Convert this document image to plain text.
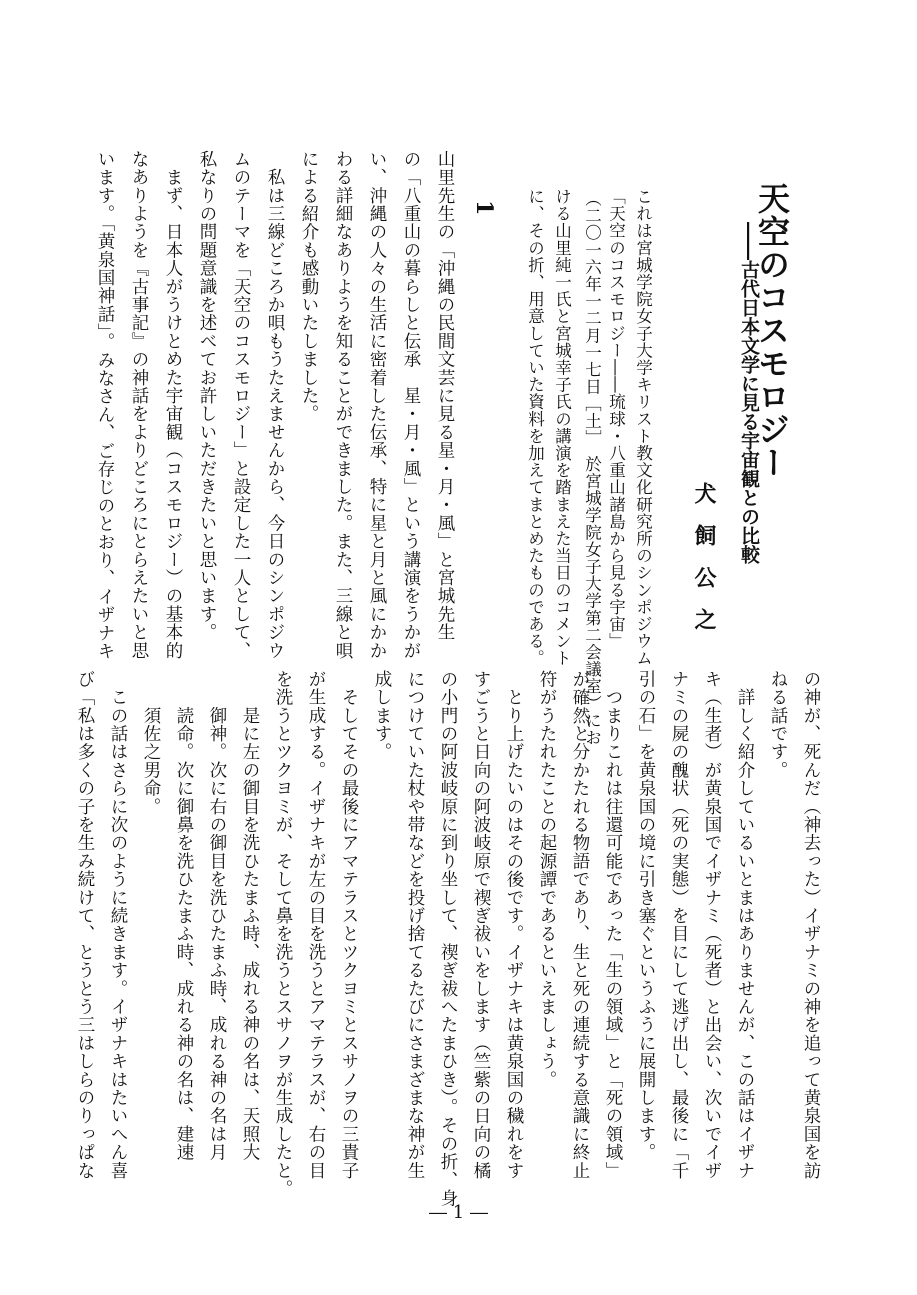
天空のコスモロジー
――古代日本文学に見る宇宙観との比較
犬飼公之

これは宮城学院女子大学キリスト教文化研究所のシンポジウム

「天空のコスモロジー――琉球・八重山諸島から見る宇宙」

（二〇一六年一二月一七日［土］　於宮城学院女子大学第二会議室）にお

ける山里純一氏と宮城幸子氏の講演を踏まえた当日のコメント

に、その折、用意していた資料を加えてまとめたものである。

1

山里先生の「沖縄の民間文芸に見る星・月・風」と宮城先生

の「八重山の暮らしと伝承　星・月・風」という講演をうかが

い、沖縄の人々の生活に密着した伝承、特に星と月と風にかか

わる詳細なありようを知ることができました。また、三線と唄

による紹介も感動いたしました。

　私は三線どころか唄もうたえませんから、今日のシンポジウ

ムのテーマを「天空のコスモロジー」と設定した一人として、

私なりの問題意識を述べてお許しいただきたいと思います。

　まず、日本人がうけとめた宇宙観（コスモロジー）の基本的

なありようを『古事記』の神話をよりどころにとらえたいと思

います。「黄泉国神話」。みなさん、ご存じのとおり、イザナキ

の神が、死んだ（神去った）イザナミの神を追って黄泉国を訪

ねる話です。

　詳しく紹介しているいとまはありませんが、この話はイザナ

キ（生者）が黄泉国でイザナミ（死者）と出会い、次いでイザ

ナミの屍の醜状（死の実態）を目にして逃げ出し、最後に「千

引の石」を黄泉国の境に引き塞ぐというふうに展開します。

　つまりこれは往還可能であった「生の領域」と「死の領域」

が確然と分かたれる物語であり、生と死の連続する意識に終止

符がうたれたことの起源譚であるといえましょう。

　とり上げたいのはその後です。イザナキは黄泉国の穢れをす

すごうと日向の阿波岐原で禊ぎ祓いをします（竺紫の日向の橘

の小門の阿波岐原に到り坐して、禊ぎ祓へたまひき）。その折、身

につけていた杖や帯などを投げ捨てるたびにさまざまな神が生

成します。

　そしてその最後にアマテラスとツクヨミとスサノヲの三貴子

が生成する。イザナキが左の目を洗うとアマテラスが、右の目

を洗うとツクヨミが、そして鼻を洗うとスサノヲが生成したと。

　　是に左の御目を洗ひたまふ時、成れる神の名は、天照大

　　御神。次に右の御目を洗ひたまふ時、成れる神の名は月

　　読命。次に御鼻を洗ひたまふ時、成れる神の名は、建速

　　須佐之男命。

　この話はさらに次のように続きます。イザナキはたいへん喜

び「私は多くの子を生み続けて、とうとう三はしらのりっぱな

― 1 ―
